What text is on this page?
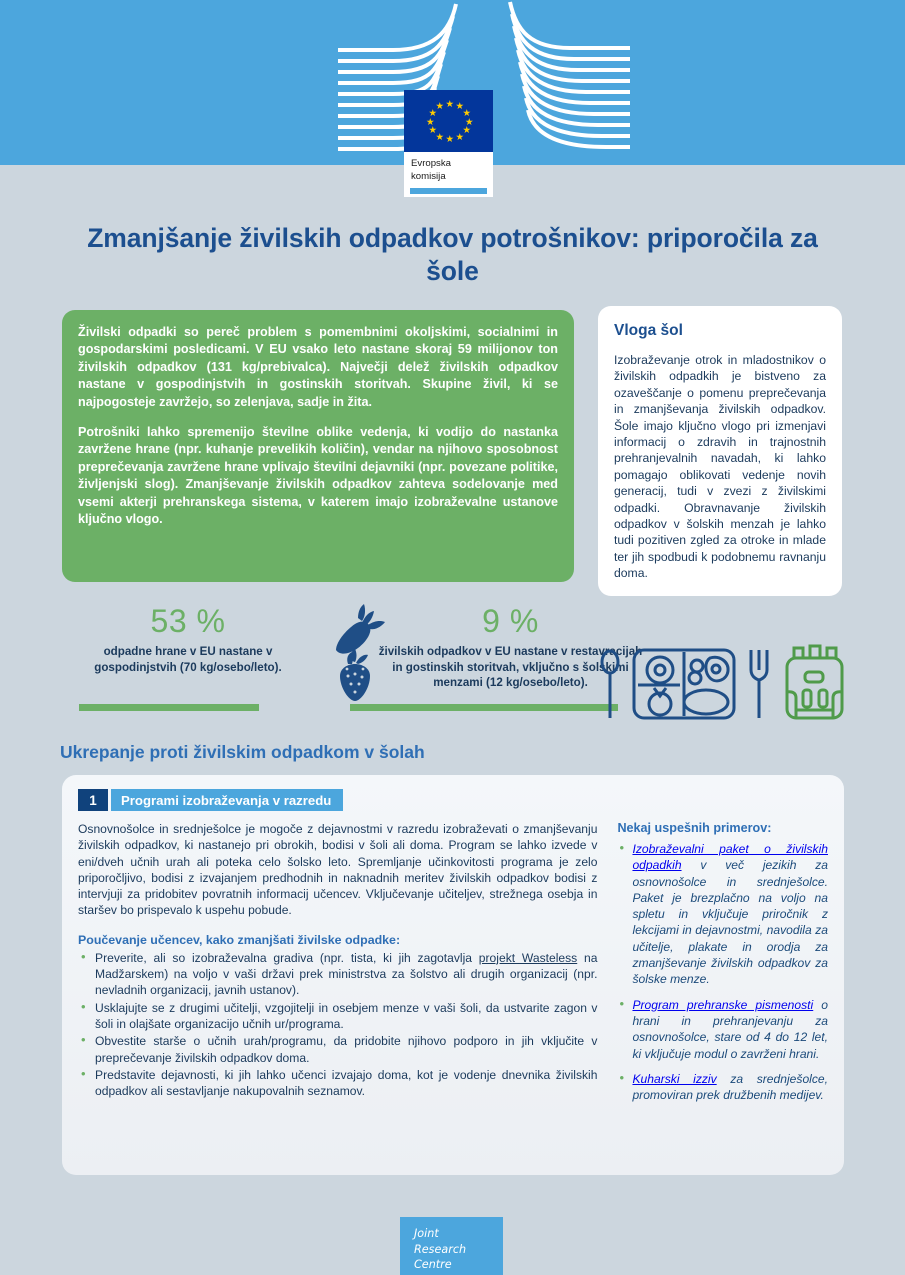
★ ★
★
★
★
★
★
★
★
★
★
★
Evropska
komisija
Zmanjšanje živilskih odpadkov potrošnikov: priporočila za šole

Živilski odpadki so pereč problem s pomembnimi okoljskimi, socialnimi in gospodarskimi posledicami. V EU vsako leto nastane skoraj 59 milijonov ton živilskih odpadkov (131 kg/prebivalca). Največji delež živilskih odpadkov nastane v gospodinjstvih in gostinskih storitvah. Skupine živil, ki se najpogosteje zavržejo, so zelenjava, sadje in žita.

Potrošniki lahko spremenijo številne oblike vedenja, ki vodijo do nastanka zavržene hrane (npr. kuhanje prevelikih količin), vendar na njihovo sposobnost preprečevanja zavržene hrane vplivajo številni dejavniki (npr. povezane politike, življenjski slog). Zmanjševanje živilskih odpadkov zahteva sodelovanje med vsemi akterji prehranskega sistema, v katerem imajo izobraževalne ustanove ključno vlogo.

Vloga šol

Izobraževanje otrok in mladostnikov o živilskih odpadkih je bistveno za ozaveščanje o pomenu preprečevanja in zmanjševanja živilskih odpadkov. Šole imajo ključno vlogo pri izmenjavi informacij o zdravih in trajnostnih prehranjevalnih navadah, ki lahko pomagajo oblikovati vedenje novih generacij, tudi v zvezi z živilskimi odpadki. Obravnavanje živilskih odpadkov v šolskih menzah je lahko tudi pozitiven zgled za otroke in mlade ter jih spodbudi k podobnemu ravnanju doma.

53 %
odpadne hrane v EU nastane v gospodinjstvih (70 kg/osebo/leto).
9 %
živilskih odpadkov v EU nastane v restavracijah in gostinskih storitvah, vključno s šolskimi menzami (12 kg/osebo/leto).
Ukrepanje proti živilskim odpadkom v šolah
1	Programi izobraževanja v razredu
Osnovnošolce in srednješolce je mogoče z dejavnostmi v razredu izobraževati o zmanjševanju živilskih odpadkov, ki nastanejo pri obrokih, bodisi v šoli ali doma. Program se lahko izvede v eni/dveh učnih urah ali poteka celo šolsko leto. Spremljanje učinkovitosti programa je zelo priporočljivo, bodisi z izvajanjem predhodnih in naknadnih meritev živilskih odpadkov bodisi z intervjuji za pridobitev povratnih informacij učencev. Vključevanje učiteljev, strežnega osebja in staršev bo prispevalo k uspehu pobude.
Poučevanje učencev, kako zmanjšati živilske odpadke:
• Preverite, ali so izobraževalna gradiva (npr. tista, ki jih zagotavlja projekt Wasteless na Madžarskem) na voljo v vaši državi prek ministrstva za šolstvo ali drugih organizacij (npr. nevladnih organizacij, javnih ustanov).
• Usklajujte se z drugimi učitelji, vzgojitelji in osebjem menze v vaši šoli, da ustvarite zagon v šoli in olajšate organizacijo učnih ur/programa.
• Obvestite starše o učnih urah/programu, da pridobite njihovo podporo in jih vključite v preprečevanje živilskih odpadkov doma.
• Predstavite dejavnosti, ki jih lahko učenci izvajajo doma, kot je vodenje dnevnika živilskih odpadkov ali sestavljanje nakupovalnih seznamov.
Nekaj uspešnih primerov:
• Izobraževalni paket o živilskih odpadkih v več jezikih za osnovnošolce in srednješolce. Paket je brezplačno na voljo na spletu in vključuje priročnik z lekcijami in dejavnostmi, navodila za učitelje, plakate in orodja za zmanjševanje živilskih odpadkov za šolske menze.
• Program prehranske pismenosti o hrani in prehranjevanju za osnovnošolce, stare od 4 do 12 let, ki vključuje modul o zavrženi hrani.
• Kuharski izziv za srednješolce, promoviran prek družbenih medijev.
Joint
Research
Centre
